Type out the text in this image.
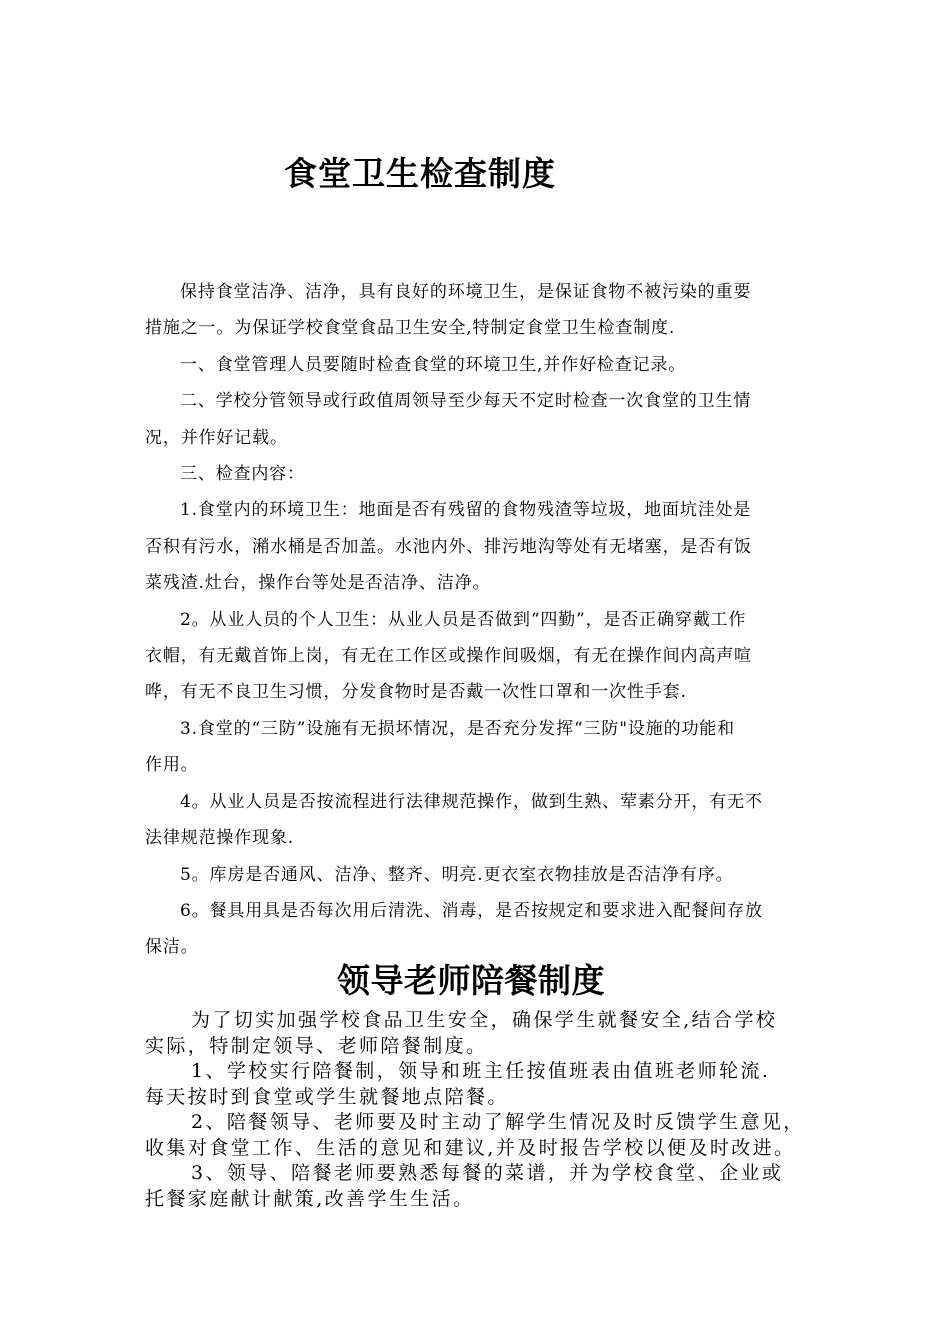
食堂卫生检查制度

保持食堂洁净、洁净，具有良好的环境卫生，是保证食物不被污染的重要

措施之一。为保证学校食堂食品卫生安全,特制定食堂卫生检查制度.

一、食堂管理人员要随时检查食堂的环境卫生,并作好检查记录。

二、学校分管领导或行政值周领导至少每天不定时检查一次食堂的卫生情

况，并作好记载。

三、检查内容：

1.食堂内的环境卫生：地面是否有残留的食物残渣等垃圾，地面坑洼处是

否积有污水，潲水桶是否加盖。水池内外、排污地沟等处有无堵塞，是否有饭

菜残渣.灶台，操作台等处是否洁净、洁净。

2。从业人员的个人卫生：从业人员是否做到“四勤”，是否正确穿戴工作

衣帽，有无戴首饰上岗，有无在工作区或操作间吸烟，有无在操作间内高声喧

哗，有无不良卫生习惯，分发食物时是否戴一次性口罩和一次性手套.

3.食堂的“三防”设施有无损坏情况，是否充分发挥“三防"设施的功能和

作用。

4。从业人员是否按流程进行法律规范操作，做到生熟、荤素分开，有无不

法律规范操作现象.

5。库房是否通风、洁净、整齐、明亮.更衣室衣物挂放是否洁净有序。

6。餐具用具是否每次用后清洗、消毒，是否按规定和要求进入配餐间存放

保洁。

领导老师陪餐制度

为了切实加强学校食品卫生安全，确保学生就餐安全,结合学校

实际，特制定领导、老师陪餐制度。

1、学校实行陪餐制，领导和班主任按值班表由值班老师轮流.

每天按时到食堂或学生就餐地点陪餐。

2、陪餐领导、老师要及时主动了解学生情况及时反馈学生意见，

收集对食堂工作、生活的意见和建议,并及时报告学校以便及时改进。

3、领导、陪餐老师要熟悉每餐的菜谱，并为学校食堂、企业或

托餐家庭献计献策,改善学生生活。
